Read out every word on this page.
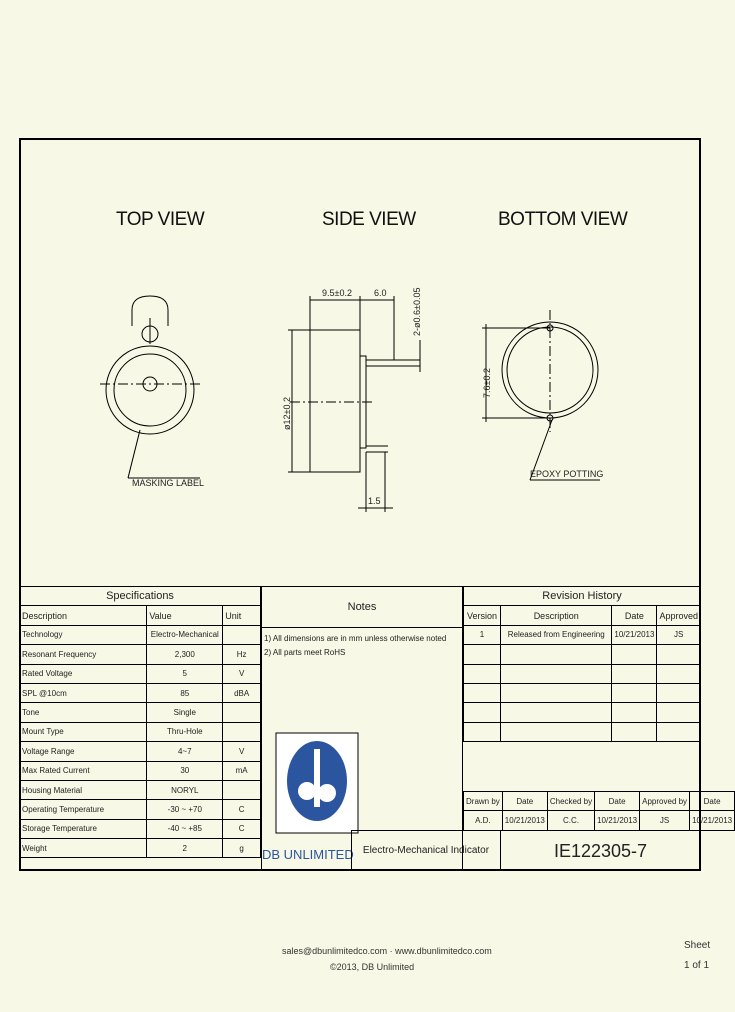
TOP VIEW	SIDE VIEW	BOTTOM VIEW
MASKING LABEL
9.5±0.2 6.0	2-ø0.6±0.05
ø12±0.2
1.5
7.6±0.2
EPOXY POTTING
Specifications		
Description	Value	Unit
Technology	Electro-Mechanical	
Resonant Frequency	2,300	Hz
Rated Voltage	5	V
SPL @10cm	85	dBA
Tone	Single	
Mount Type	Thru-Hole	
Voltage Range	4~7	V
Max Rated Current	30	mA
Housing Material	NORYL	
Operating Temperature	-30 ~ +70	C
Storage Temperature	-40 ~ +85	C
Weight	2	g
Notes
1) All dimensions are in mm unless otherwise noted
2) All parts meet RoHS
DB UNLIMITED
Revision History			
Version	Description	Date	Approved
1	Released from Engineering	10/21/2013	JS

Drawn by	Date	Checked by	Date	Approved by	Date
A.D.	10/21/2013	C.C.	10/21/2013	JS	10/21/2013
Electro-Mechanical Indicator	IE122305-7
sales@dbunlimitedco.com · www.dbunlimitedco.com
©2013, DB Unlimited
Sheet
1 of 1
